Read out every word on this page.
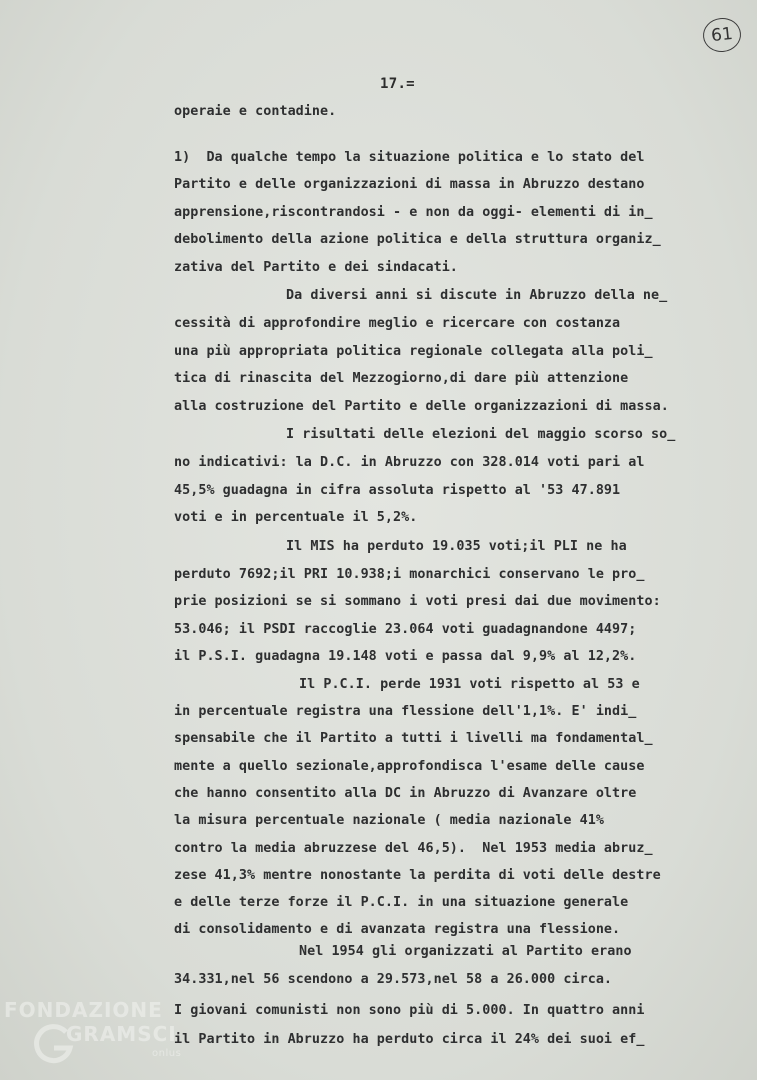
61
17.=
operaie e contadine.
1)  Da qualche tempo la situazione politica e lo stato del
Partito e delle organizzazioni di massa in Abruzzo destano
apprensione,riscontrandosi - e non da oggi- elementi di in_
debolimento della azione politica e della struttura organiz_
zativa del Partito e dei sindacati.
Da diversi anni si discute in Abruzzo della ne_
cessità di approfondire meglio e ricercare con costanza
una più appropriata politica regionale collegata alla poli_
tica di rinascita del Mezzogiorno,di dare più attenzione
alla costruzione del Partito e delle organizzazioni di massa.
I risultati delle elezioni del maggio scorso so_
no indicativi: la D.C. in Abruzzo con 328.014 voti pari al
45,5% guadagna in cifra assoluta rispetto al '53 47.891
voti e in percentuale il 5,2%.
Il MIS ha perduto 19.035 voti;il PLI ne ha
perduto 7692;il PRI 10.938;i monarchici conservano le pro_
prie posizioni se si sommano i voti presi dai due movimento:
53.046; il PSDI raccoglie 23.064 voti guadagnandone 4497;
il P.S.I. guadagna 19.148 voti e passa dal 9,9% al 12,2%.
Il P.C.I. perde 1931 voti rispetto al 53 e
in percentuale registra una flessione dell'1,1%. E' indi_
spensabile che il Partito a tutti i livelli ma fondamental_
mente a quello sezionale,approfondisca l'esame delle cause
che hanno consentito alla DC in Abruzzo di Avanzare oltre
la misura percentuale nazionale ( media nazionale 41%
contro la media abruzzese del 46,5).  Nel 1953 media abruz_
zese 41,3% mentre nonostante la perdita di voti delle destre
e delle terze forze il P.C.I. in una situazione generale
di consolidamento e di avanzata registra una flessione.
Nel 1954 gli organizzati al Partito erano
34.331,nel 56 scendono a 29.573,nel 58 a 26.000 circa.
I giovani comunisti non sono più di 5.000. In quattro anni
il Partito in Abruzzo ha perduto circa il 24% dei suoi ef_
FONDAZIONE
GRAMSCI
onlus
